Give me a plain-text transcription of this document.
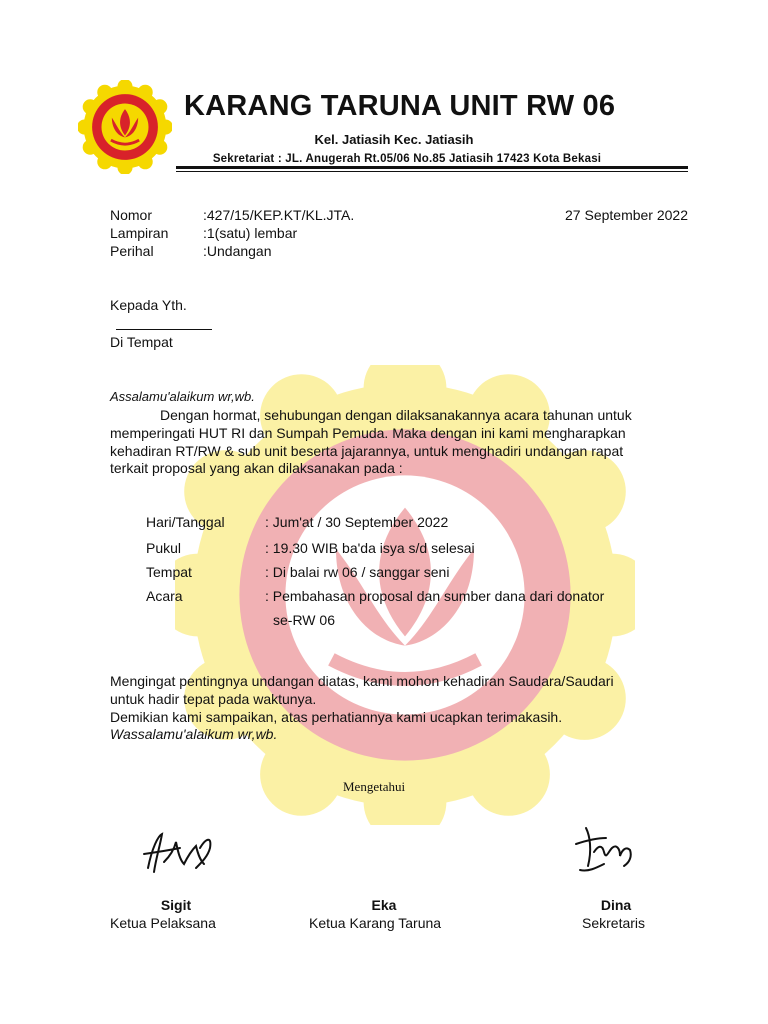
KARANG TARUNA UNIT RW 06
Kel. Jatiasih Kec. Jatiasih
Sekretariat : JL. Anugerah Rt.05/06 No.85 Jatiasih 17423 Kota Bekasi
Nomor	:427/15/KEP.KT/KL.JTA.	27 September 2022
Lampiran :1(satu) lembar
Perihal	:Undangan
Kepada Yth.
Di Tempat
Assalamu'alaikum wr,wb.
Dengan hormat, sehubungan dengan dilaksanakannya acara tahunan untuk
memperingati HUT RI dan Sumpah Pemuda. Maka dengan ini kami mengharapkan
kehadiran RT/RW & sub unit beserta jajarannya, untuk menghadiri undangan rapat
terkait proposal yang akan dilaksanakan pada :
Hari/Tanggal	: Jum'at / 30 September 2022
Pukul	: 19.30 WIB ba'da isya s/d selesai
Tempat	: Di balai rw 06 / sanggar seni
Acara	: Pembahasan proposal dan sumber dana dari donator
se-RW 06
Mengingat pentingnya undangan diatas, kami mohon kehadiran Saudara/Saudari
untuk hadir tepat pada waktunya.
Demikian kami sampaikan, atas perhatiannya kami ucapkan terimakasih.
Wassalamu'alaikum wr,wb.
Mengetahui
Sigit
Ketua Pelaksana
Eka
Ketua Karang Taruna
Dina
Sekretaris
